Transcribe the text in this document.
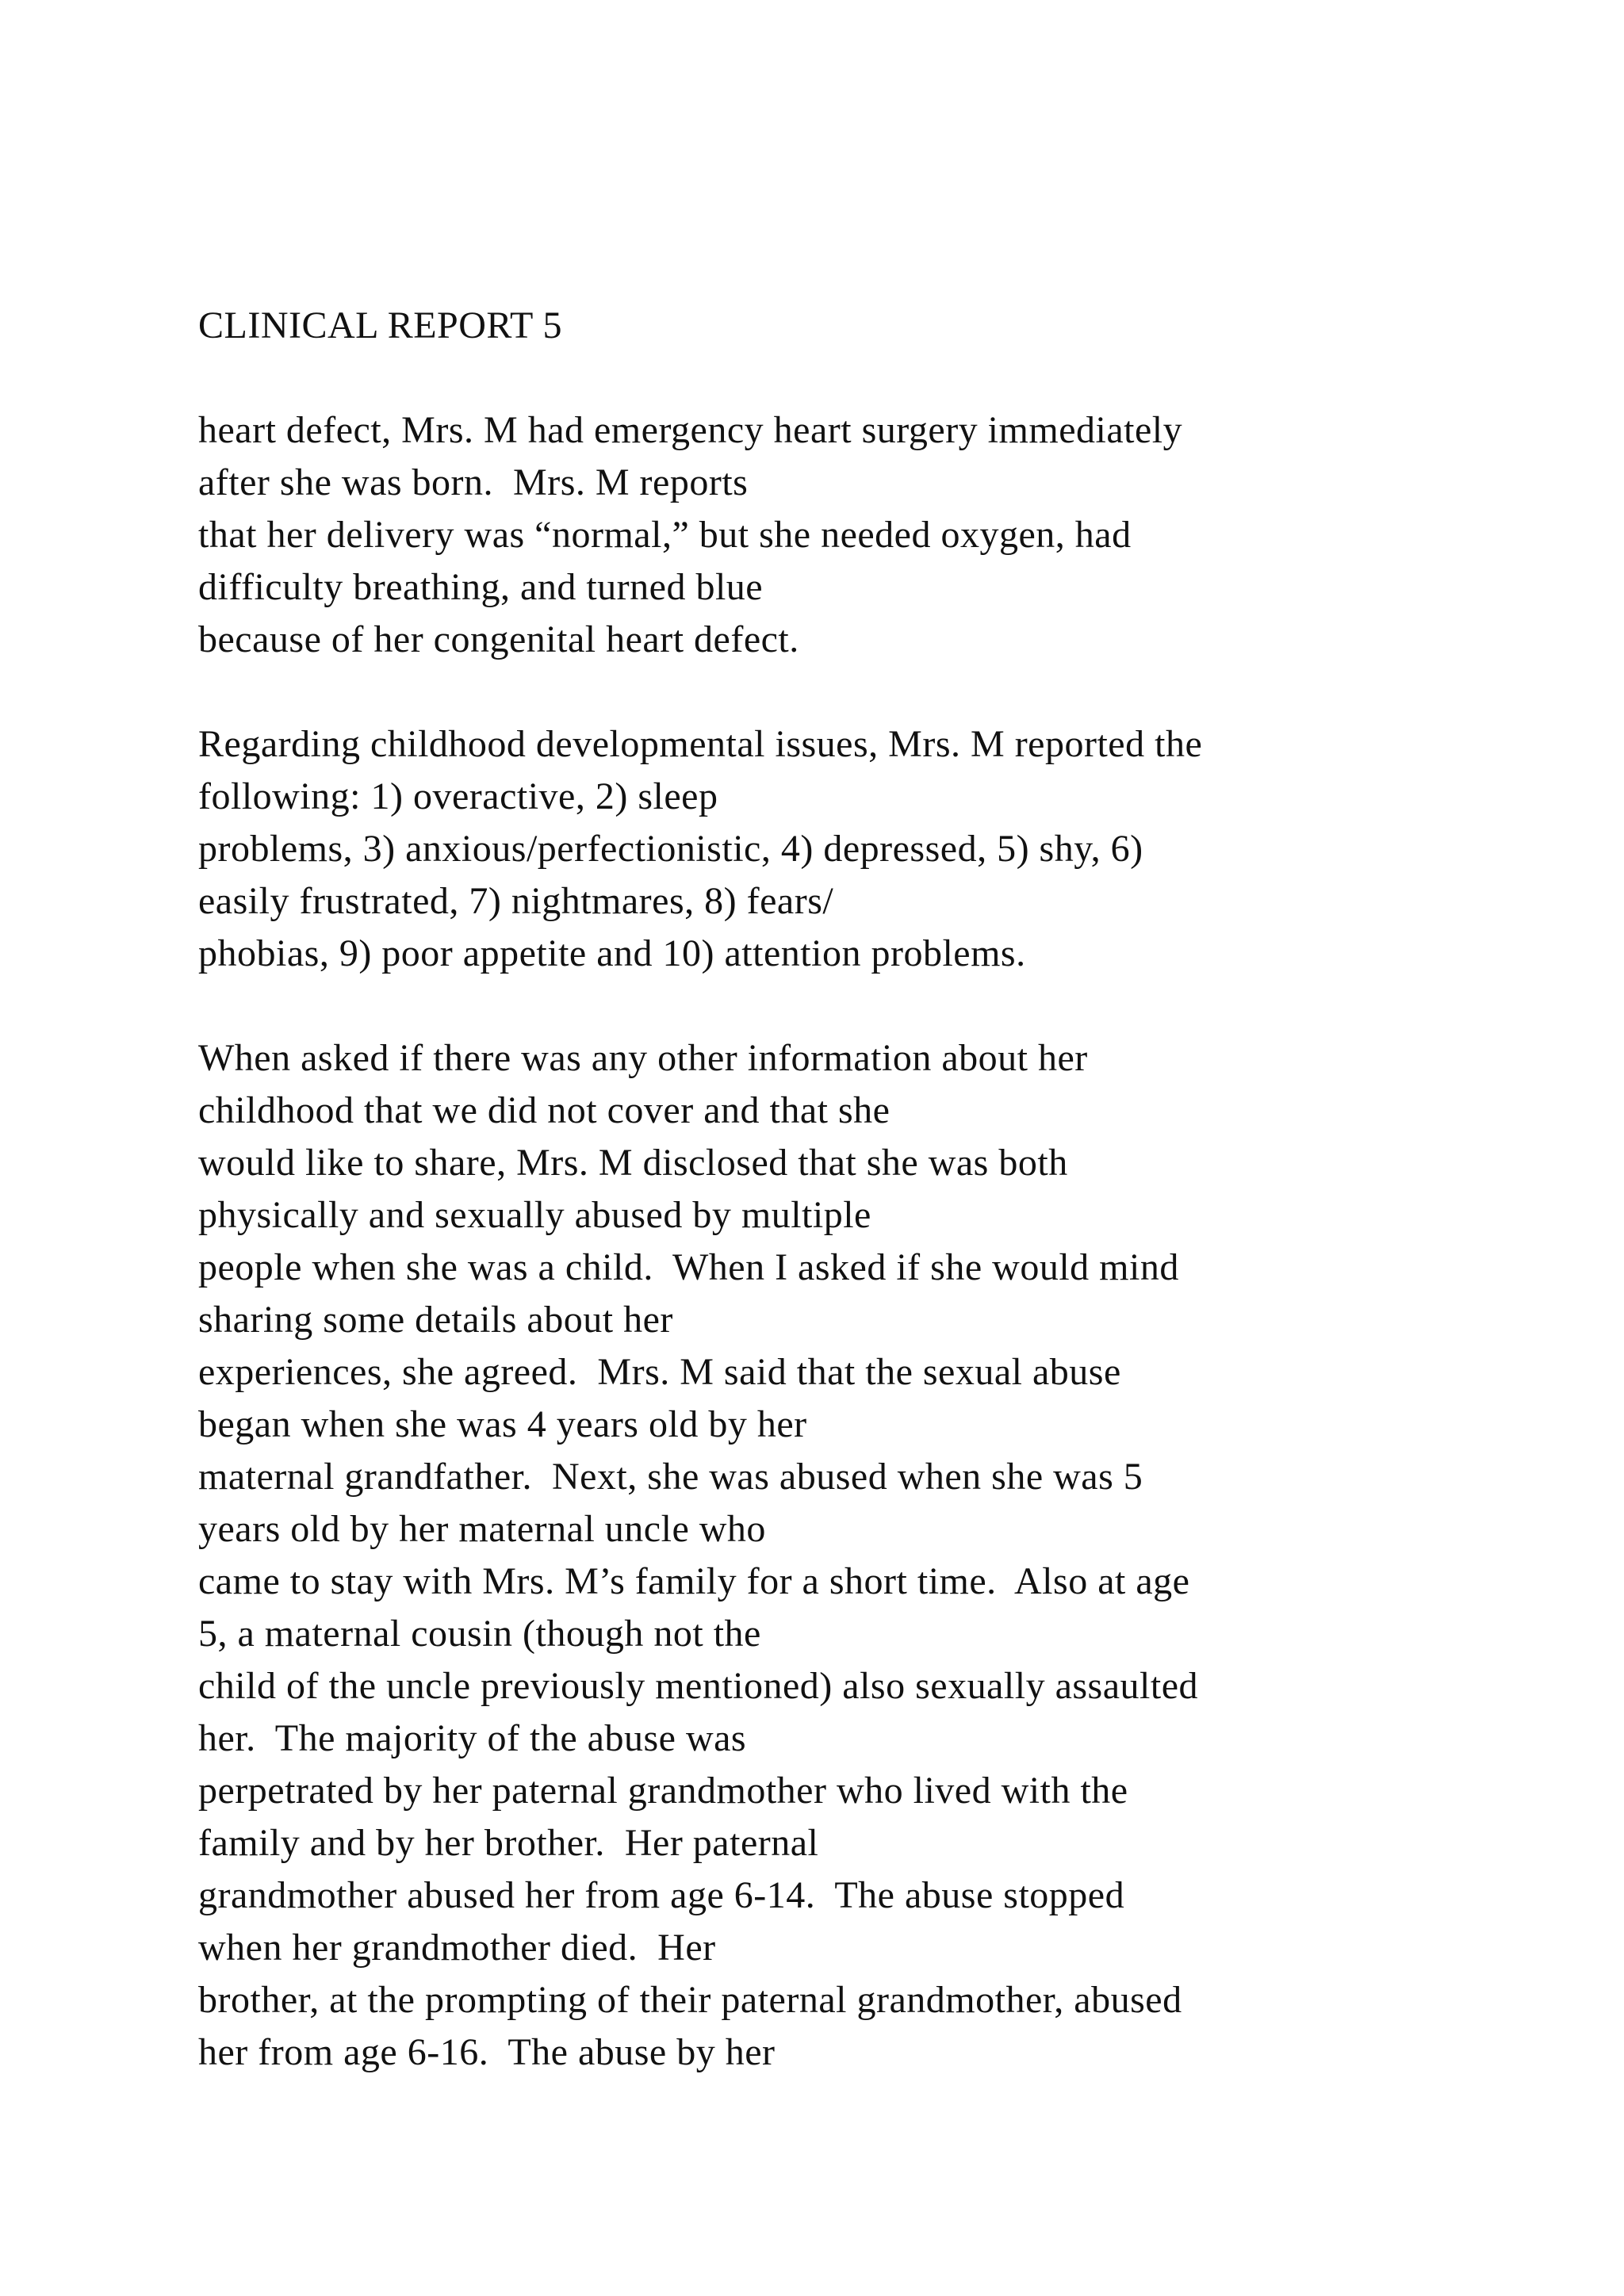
CLINICAL REPORT 5
heart defect, Mrs. M had emergency heart surgery immediately
after she was born.  Mrs. M reports
that her delivery was “normal,” but she needed oxygen, had
difficulty breathing, and turned blue
because of her congenital heart defect.
Regarding childhood developmental issues, Mrs. M reported the
following: 1) overactive, 2) sleep
problems, 3) anxious/perfectionistic, 4) depressed, 5) shy, 6)
easily frustrated, 7) nightmares, 8) fears/
phobias, 9) poor appetite and 10) attention problems.
When asked if there was any other information about her
childhood that we did not cover and that she
would like to share, Mrs. M disclosed that she was both
physically and sexually abused by multiple
people when she was a child.  When I asked if she would mind
sharing some details about her
experiences, she agreed.  Mrs. M said that the sexual abuse
began when she was 4 years old by her
maternal grandfather.  Next, she was abused when she was 5
years old by her maternal uncle who
came to stay with Mrs. M’s family for a short time.  Also at age
5, a maternal cousin (though not the
child of the uncle previously mentioned) also sexually assaulted
her.  The majority of the abuse was
perpetrated by her paternal grandmother who lived with the
family and by her brother.  Her paternal
grandmother abused her from age 6-14.  The abuse stopped
when her grandmother died.  Her
brother, at the prompting of their paternal grandmother, abused
her from age 6-16.  The abuse by her
